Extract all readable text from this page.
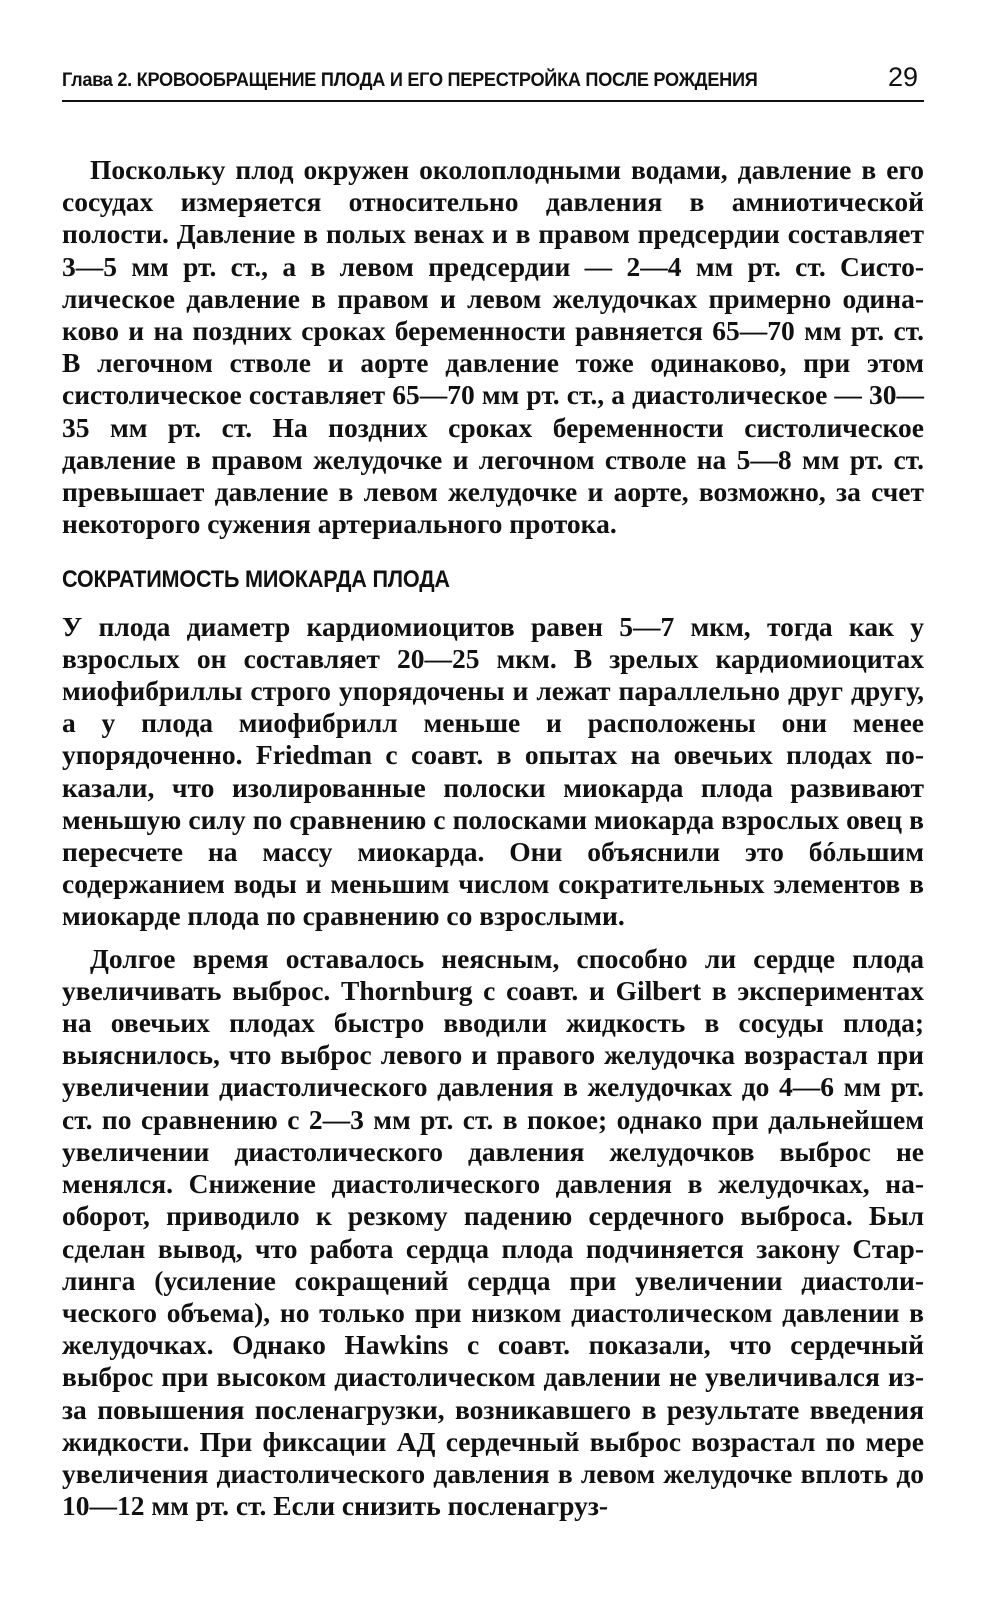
Глава 2. КРОВООБРАЩЕНИЕ ПЛОДА И ЕГО ПЕРЕСТРОЙКА ПОСЛЕ РОЖДЕНИЯ	29

Поскольку плод окружен околоплодными водами, давление в его сосудах измеряется относительно давления в амниотической полости. Давление в полых венах и в правом предсердии составляет 3—5 мм рт. ст., а в левом предсердии — 2—4 мм рт. ст. Систолическое давление в правом и левом желудочках примерно одинаково и на поздних сроках беременности равняется 65—70 мм рт. ст. В легочном стволе и аорте давление тоже одинаково, при этом систолическое составляет 65—70 мм рт. ст., а диастолическое — 30—35 мм рт. ст. На поздних сроках беременности систолическое давление в правом желудочке и легочном стволе на 5—8 мм рт. ст. превышает давление в левом желудочке и аорте, возможно, за счет некоторого сужения артериального протока.

СОКРАТИМОСТЬ МИОКАРДА ПЛОДА

У плода диаметр кардиомиоцитов равен 5—7 мкм, тогда как у взрослых он составляет 20—25 мкм. В зрелых кардиомиоцитах миофибриллы строго упорядочены и лежат параллельно друг другу, а у плода миофибрилл меньше и расположены они менее упорядоченно. Friedman с соавт. в опытах на овечьих плодах показали, что изолированные полоски миокарда плода развивают меньшую силу по сравнению с полосками миокарда взрослых овец в пересчете на массу миокарда. Они объяснили это бóльшим содержанием воды и меньшим числом сократительных элементов в миокарде плода по сравнению со взрослыми.

Долгое время оставалось неясным, способно ли сердце плода увеличивать выброс. Thornburg с соавт. и Gilbert в экспериментах на овечьих плодах быстро вводили жидкость в сосуды плода; выяснилось, что выброс левого и правого желудочка возрастал при увеличении диастолического давления в желудочках до 4—6 мм рт. ст. по сравнению с 2—3 мм рт. ст. в покое; однако при дальнейшем увеличении диастолического давления желудочков выброс не менялся. Снижение диастолического давления в желудочках, наоборот, приводило к резкому падению сердечного выброса. Был сделан вывод, что работа сердца плода подчиняется закону Старлинга (усиление сокращений сердца при увеличении диастолического объема), но только при низком диастолическом давлении в желудочках. Однако Hawkins с соавт. показали, что сердечный выброс при высоком диастолическом давлении не увеличивался из-за повышения посленагрузки, возникавшего в результате введения жидкости. При фиксации АД сердечный выброс возрастал по мере увеличения диастолического давления в левом желудочке вплоть до 10—12 мм рт. ст. Если снизить посленагруз-
